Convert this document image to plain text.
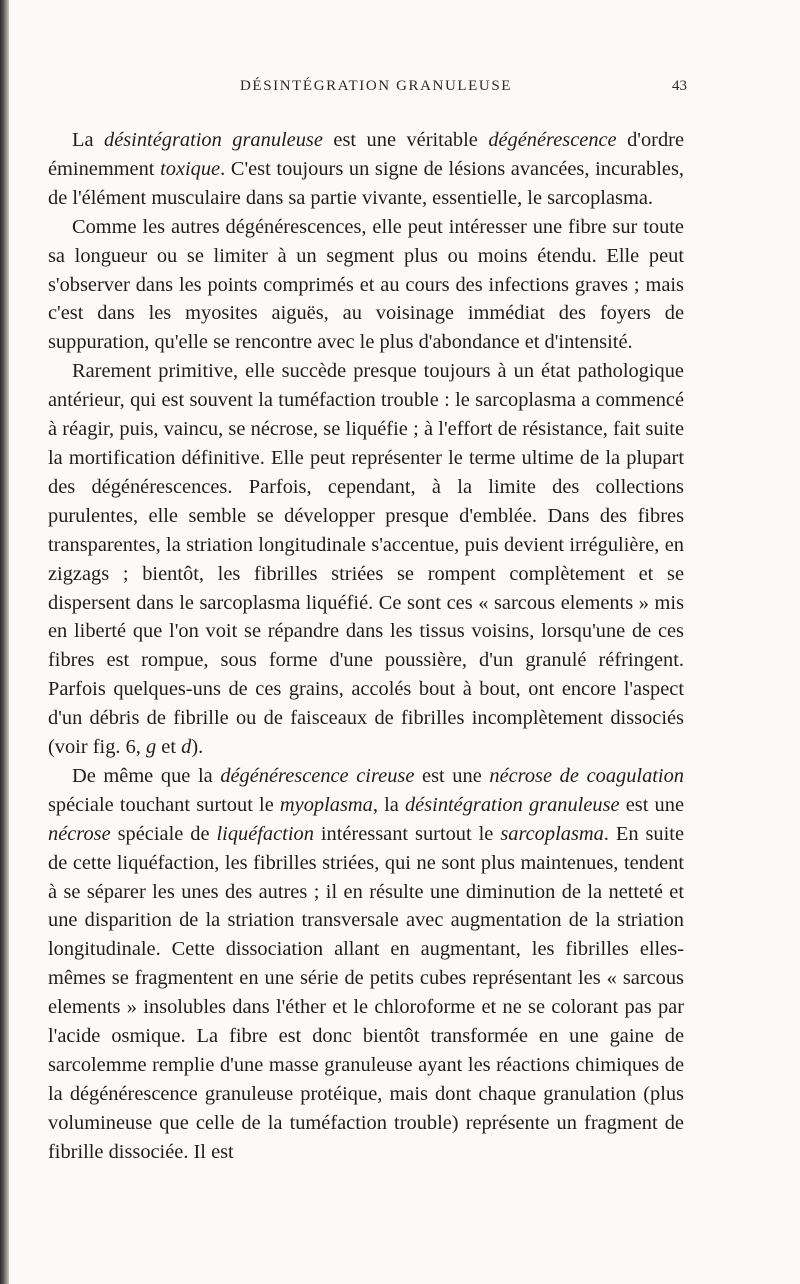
DÉSINTÉGRATION GRANULEUSE	43

La désintégration granuleuse est une véritable dégénérescence d'ordre éminemment toxique. C'est toujours un signe de lésions avancées, incurables, de l'élément musculaire dans sa partie vivante, essentielle, le sarcoplasma.

Comme les autres dégénérescences, elle peut intéresser une fibre sur toute sa longueur ou se limiter à un segment plus ou moins étendu. Elle peut s'observer dans les points comprimés et au cours des infections graves ; mais c'est dans les myosites aiguës, au voisinage immédiat des foyers de suppuration, qu'elle se rencontre avec le plus d'abondance et d'intensité.

Rarement primitive, elle succède presque toujours à un état pathologique antérieur, qui est souvent la tuméfaction trouble : le sarcoplasma a commencé à réagir, puis, vaincu, se nécrose, se liquéfie ; à l'effort de résistance, fait suite la mortification définitive. Elle peut représenter le terme ultime de la plupart des dégénérescences. Parfois, cependant, à la limite des collections purulentes, elle semble se développer presque d'emblée. Dans des fibres transparentes, la striation longitudinale s'accentue, puis devient irrégulière, en zigzags ; bientôt, les fibrilles striées se rompent complètement et se dispersent dans le sarcoplasma liquéfié. Ce sont ces « sarcous elements » mis en liberté que l'on voit se répandre dans les tissus voisins, lorsqu'une de ces fibres est rompue, sous forme d'une poussière, d'un granulé réfringent. Parfois quelques-uns de ces grains, accolés bout à bout, ont encore l'aspect d'un débris de fibrille ou de faisceaux de fibrilles incomplètement dissociés (voir fig. 6, g et d).

De même que la dégénérescence cireuse est une nécrose de coagulation spéciale touchant surtout le myoplasma, la désintégration granuleuse est une nécrose spéciale de liquéfaction intéressant surtout le sarcoplasma. En suite de cette liquéfaction, les fibrilles striées, qui ne sont plus maintenues, tendent à se séparer les unes des autres ; il en résulte une diminution de la netteté et une disparition de la striation transversale avec augmentation de la striation longitudinale. Cette dissociation allant en augmentant, les fibrilles elles-mêmes se fragmentent en une série de petits cubes représentant les « sarcous elements » insolubles dans l'éther et le chloroforme et ne se colorant pas par l'acide osmique. La fibre est donc bientôt transformée en une gaine de sarcolemme remplie d'une masse granuleuse ayant les réactions chimiques de la dégénérescence granuleuse protéique, mais dont chaque granulation (plus volumineuse que celle de la tuméfaction trouble) représente un fragment de fibrille dissociée. Il est
